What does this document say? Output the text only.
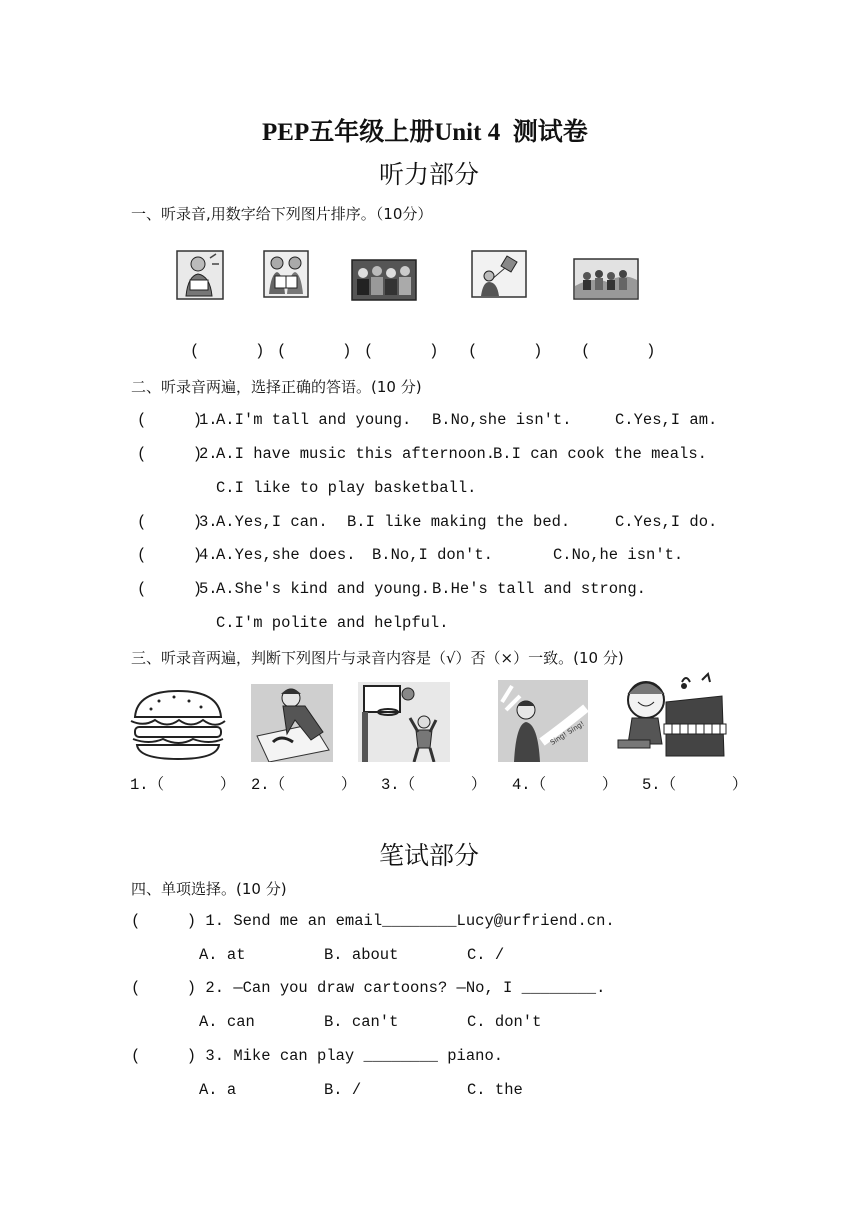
PEP五年级上册Unit 4  测试卷
听力部分
一、听录音,用数字给下列图片排序。（10分）
(      ) (      ) (      ) (      ) (      )
二、听录音两遍，选择正确的答语。(10 分)
(     )
1.
A.I'm tall and young. B.No,she isn't.	C.Yes,I am.
(     )
2.
A.I have music this afternoon.
B.I can cook the meals.
C.I like to play basketball.
(     )
3.
A.Yes,I can. B.I like making the bed.	C.Yes,I do.
(     )
4.
A.Yes,she does. B.No,I don't.	C.No,he isn't.
(     )
5.
A.She's kind and young. B.He's tall and strong.
C.I'm polite and helpful.
三、听录音两遍，判断下列图片与录音内容是（√）否（×）一致。(10 分)
Sing! Sing!
1.（      ） 2.（      ） 3.（      ） 4.（      ） 5.（      ）
笔试部分
四、单项选择。(10 分)
(     ) 1. Send me an email________Lucy@urfriend.cn.
A. at	B. about	C. /
(     ) 2. —Can you draw cartoons? —No, I ________.
A. can	B. can't	C. don't
(     ) 3. Mike can play ________ piano.
A. a	B. /	C. the
